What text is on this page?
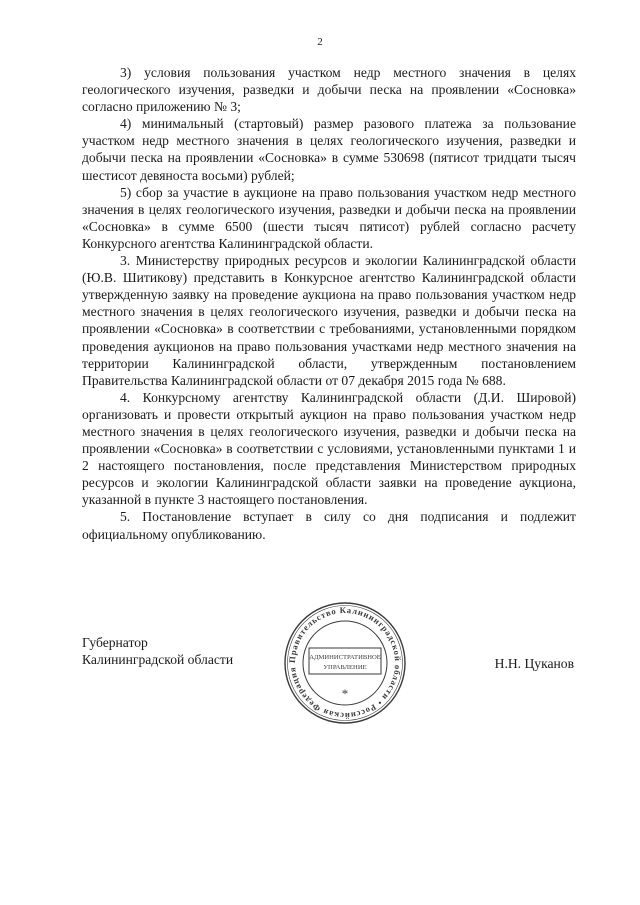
2

3) условия пользования участком недр местного значения в целях геологического изучения, разведки и добычи песка на проявлении «Сосновка» согласно приложению № 3;

4) минимальный (стартовый) размер разового платежа за пользование участком недр местного значения в целях геологического изучения, разведки и добычи песка на проявлении «Сосновка» в сумме 530698 (пятисот тридцати тысяч шестисот девяноста восьми) рублей;

5) сбор за участие в аукционе на право пользования участком недр местного значения в целях геологического изучения, разведки и добычи песка на проявлении «Сосновка» в сумме 6500 (шести тысяч пятисот) рублей согласно расчету Конкурсного агентства Калининградской области.

3. Министерству природных ресурсов и экологии Калининградской области (Ю.В. Шитикову) представить в Конкурсное агентство Калининградской области утвержденную заявку на проведение аукциона на право пользования участком недр местного значения в целях геологического изучения, разведки и добычи песка на проявлении «Сосновка» в соответствии с требованиями, установленными порядком проведения аукционов на право пользования участками недр местного значения на территории Калининградской области, утвержденным постановлением Правительства Калининградской области от 07 декабря 2015 года № 688.

4. Конкурсному агентству Калининградской области (Д.И. Шировой) организовать и провести открытый аукцион на право пользования участком недр местного значения в целях геологического изучения, разведки и добычи песка на проявлении «Сосновка» в соответствии с условиями, установленными пунктами 1 и 2 настоящего постановления, после представления Министерством природных ресурсов и экологии Калининградской области заявки на проведение аукциона, указанной в пункте 3 настоящего постановления.

5. Постановление вступает в силу со дня подписания и подлежит официальному опубликованию.

Губернатор
Калининградской области	Н.Н. Цуканов
Правительство Калининградской области • Российская Федерация
АДМИНИСТРАТИВНОЕ
УПРАВЛЕНИЕ
*
